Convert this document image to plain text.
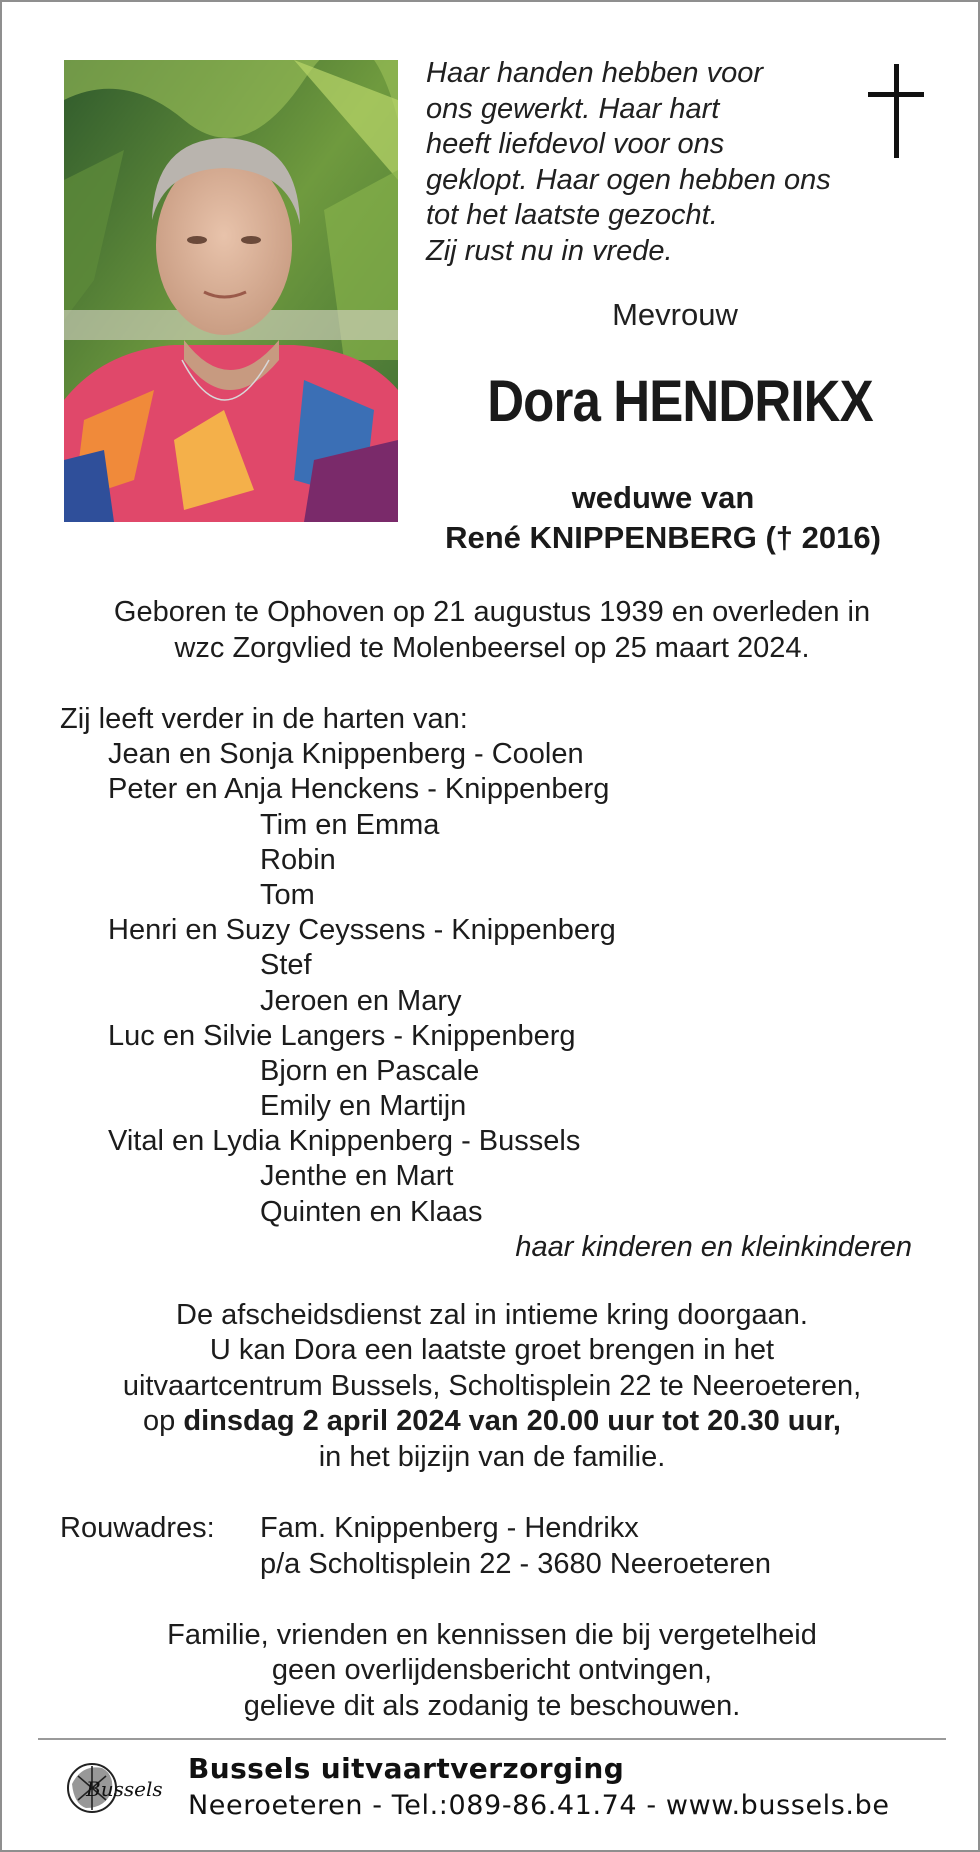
Haar handen hebben voor
ons gewerkt. Haar hart
heeft liefdevol voor ons
geklopt. Haar ogen hebben ons
tot het laatste gezocht.
Zij rust nu in vrede.
Mevrouw
Dora HENDRIKX
weduwe van
René KNIPPENBERG († 2016)
Geboren te Ophoven op 21 augustus 1939 en overleden in
wzc Zorgvlied te Molenbeersel op 25 maart 2024.
Zij leeft verder in de harten van:
Jean en Sonja Knippenberg - Coolen
Peter en Anja Henckens - Knippenberg
Tim en Emma
Robin
Tom
Henri en Suzy Ceyssens - Knippenberg
Stef
Jeroen en Mary
Luc en Silvie Langers - Knippenberg
Bjorn en Pascale
Emily en Martijn
Vital en Lydia Knippenberg - Bussels
Jenthe en Mart
Quinten en Klaas
haar kinderen en kleinkinderen
De afscheidsdienst zal in intieme kring doorgaan.
U kan Dora een laatste groet brengen in het
uitvaartcentrum Bussels, Scholtisplein 22 te Neeroeteren,
op dinsdag 2 april 2024 van 20.00 uur tot 20.30 uur,
in het bijzijn van de familie.
Rouwadres: Fam. Knippenberg - Hendrikx
p/a Scholtisplein 22 - 3680 Neeroeteren
Familie, vrienden en kennissen die bij vergetelheid
geen overlijdensbericht ontvingen,
gelieve dit als zodanig te beschouwen.
Bussels
Bussels uitvaartverzorging
Neeroeteren - Tel.:089-86.41.74 - www.bussels.be
